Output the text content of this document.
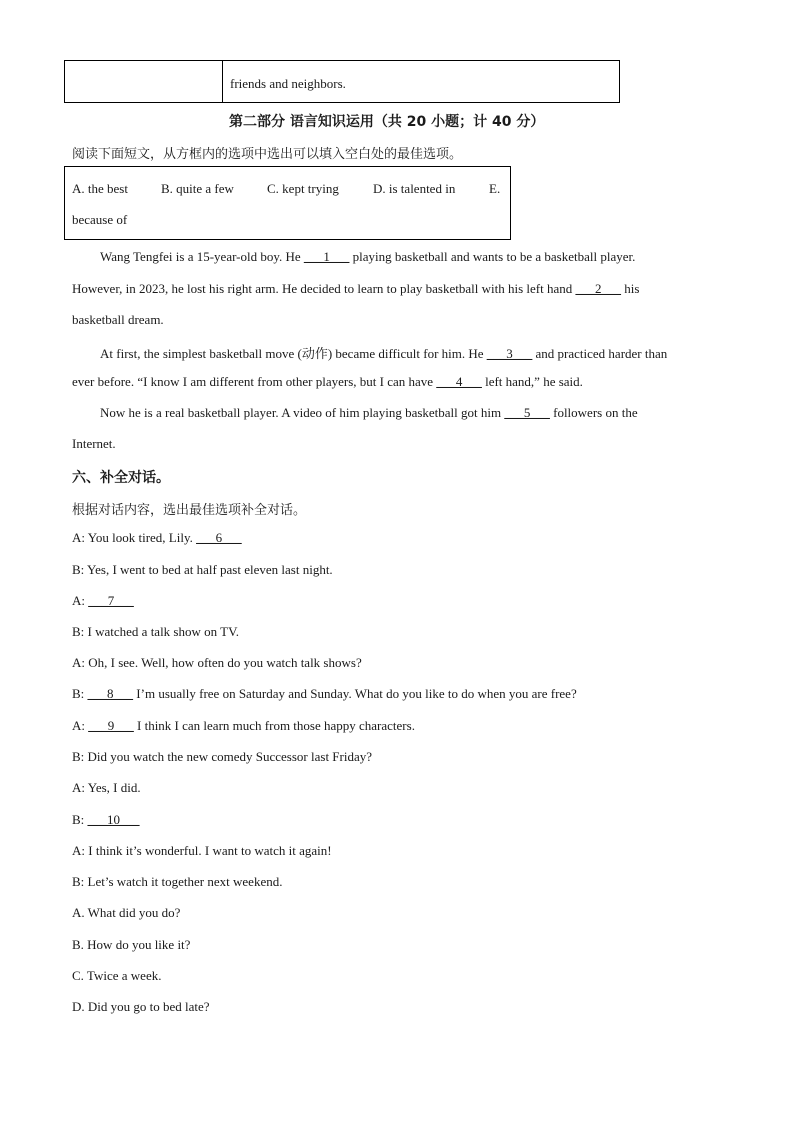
friends and neighbors.
第二部分 语言知识运用（共 20 小题；计 40 分）
阅读下面短文，从方框内的选项中选出可以填入空白处的最佳选项。
A. the best	B. quite a few	C. kept trying	D. is talented in	E.
because of
Wang Tengfei is a 15-year-old boy. He ___1___ playing basketball and wants to be a basketball player.
However, in 2023, he lost his right arm. He decided to learn to play basketball with his left hand ___2___ his
basketball dream.
At first, the simplest basketball move (动作) became difficult for him. He ___3___ and practiced harder than
ever before. “I know I am different from other players, but I can have ___4___ left hand,” he said.
Now he is a real basketball player. A video of him playing basketball got him ___5___ followers on the
Internet.
六、补全对话。
根据对话内容，选出最佳选项补全对话。
A: You look tired, Lily. ___6___
B: Yes, I went to bed at half past eleven last night.
A: ___7___
B: I watched a talk show on TV.
A: Oh, I see. Well, how often do you watch talk shows?
B: ___8___ I’m usually free on Saturday and Sunday. What do you like to do when you are free?
A: ___9___ I think I can learn much from those happy characters.
B: Did you watch the new comedy Successor last Friday?
A: Yes, I did.
B: ___10___
A: I think it’s wonderful. I want to watch it again!
B: Let’s watch it together next weekend.
A. What did you do?
B. How do you like it?
C. Twice a week.
D. Did you go to bed late?
